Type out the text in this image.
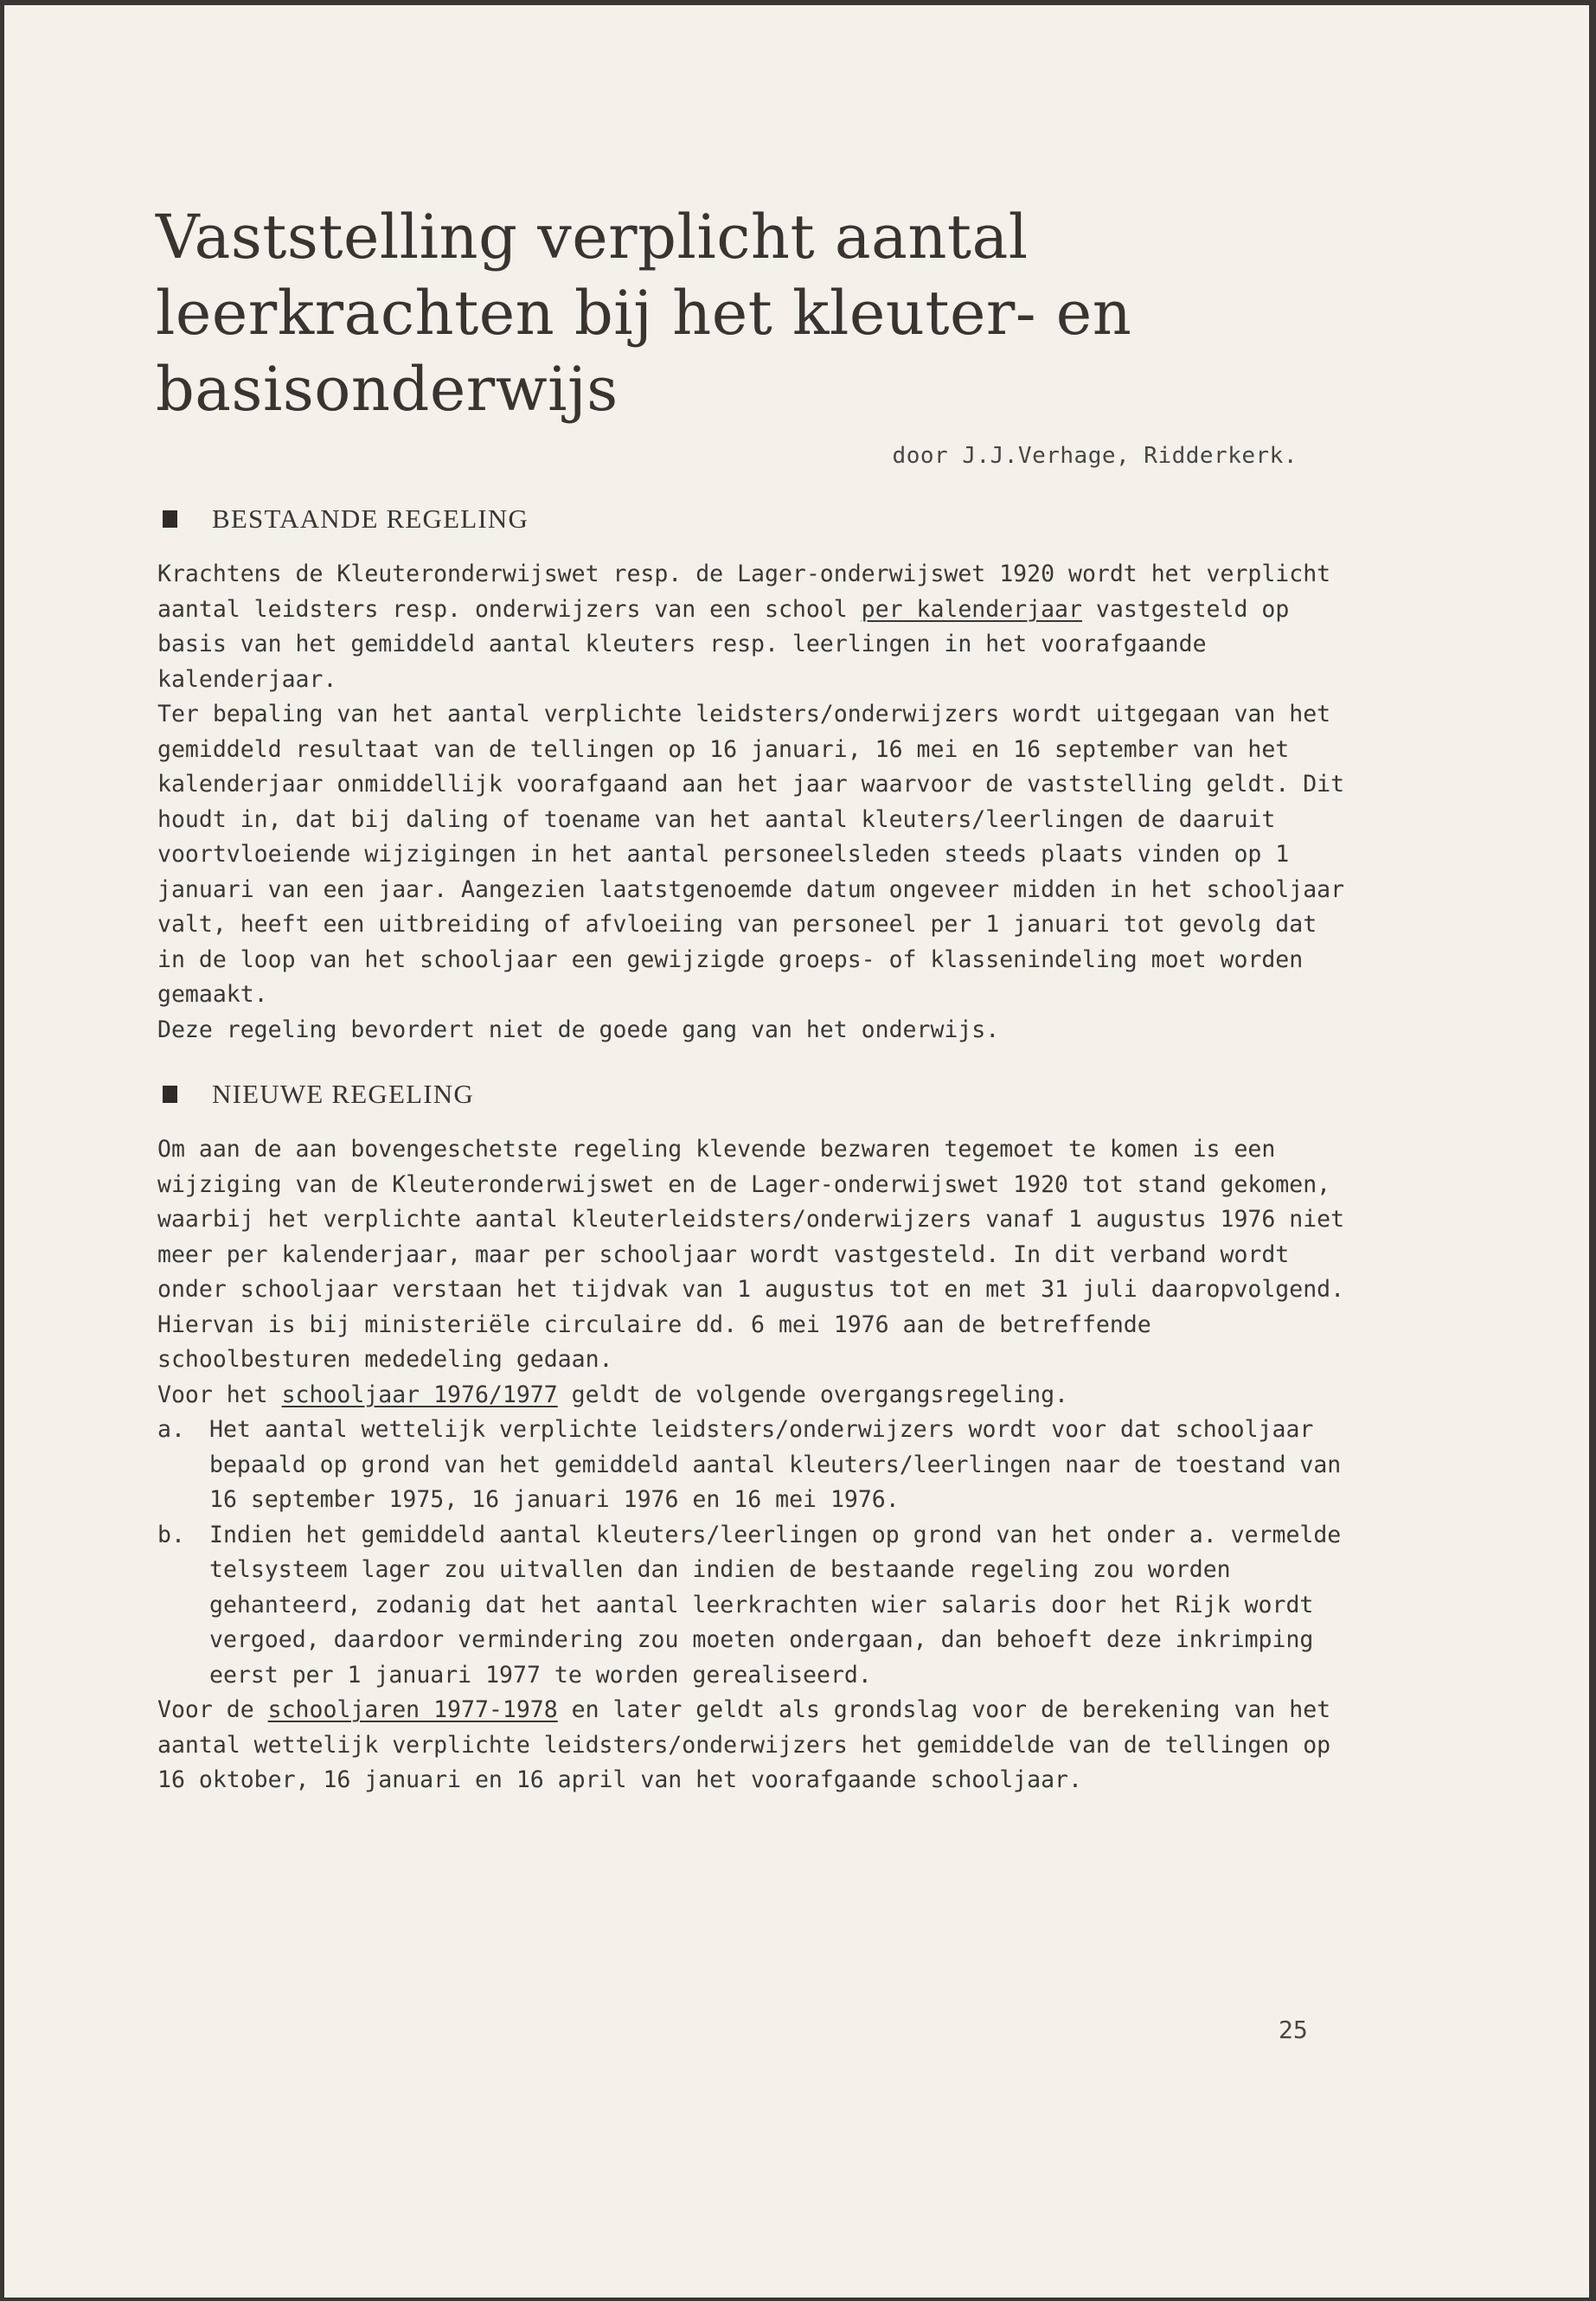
Vaststelling verplicht aantal leerkrachten bij het kleuter- en basisonderwijs
door J.J.Verhage, Ridderkerk.
BESTAANDE REGELING

Krachtens de Kleuteronderwijswet resp. de Lager-onderwijswet 1920 wordt het verplicht aantal leidsters resp. onderwijzers van een school per kalenderjaar vastgesteld op basis van het gemiddeld aantal kleuters resp. leerlingen in het voorafgaande kalenderjaar.

Ter bepaling van het aantal verplichte leidsters/onderwijzers wordt uitgegaan van het gemiddeld resultaat van de tellingen op 16 januari, 16 mei en 16 september van het kalenderjaar onmiddellijk voorafgaand aan het jaar waarvoor de vaststelling geldt. Dit houdt in, dat bij daling of toename van het aantal kleuters/leerlingen de daaruit voortvloeiende wijzigingen in het aantal personeelsleden steeds plaats vinden op 1 januari van een jaar. Aangezien laatstgenoemde datum ongeveer midden in het schooljaar valt, heeft een uitbreiding of afvloeiing van personeel per 1 januari tot gevolg dat in de loop van het schooljaar een gewijzigde groeps- of klassenindeling moet worden gemaakt.

Deze regeling bevordert niet de goede gang van het onderwijs.

NIEUWE REGELING

Om aan de aan bovengeschetste regeling klevende bezwaren tegemoet te komen is een wijziging van de Kleuteronderwijswet en de Lager-onderwijswet 1920 tot stand gekomen, waarbij het verplichte aantal kleuterleidsters/onderwijzers vanaf 1 augustus 1976 niet meer per kalenderjaar, maar per schooljaar wordt vastgesteld. In dit verband wordt onder schooljaar verstaan het tijdvak van 1 augustus tot en met 31 juli daaropvolgend. Hiervan is bij ministeriële circulaire dd. 6 mei 1976 aan de betreffende schoolbesturen mededeling gedaan.

Voor het schooljaar 1976/1977 geldt de volgende overgangsregeling.

a.	Het aantal wettelijk verplichte leidsters/onderwijzers wordt voor dat schooljaar bepaald op grond van het gemiddeld aantal kleuters/leerlingen naar de toestand van 16 september 1975, 16 januari 1976 en 16 mei 1976.
b.	Indien het gemiddeld aantal kleuters/leerlingen op grond van het onder a. vermelde telsysteem lager zou uitvallen dan indien de bestaande regeling zou worden gehanteerd, zodanig dat het aantal leerkrachten wier salaris door het Rijk wordt vergoed, daardoor vermindering zou moeten ondergaan, dan behoeft deze inkrimping eerst per 1 januari 1977 te worden gerealiseerd.

Voor de schooljaren 1977-1978 en later geldt als grondslag voor de berekening van het aantal wettelijk verplichte leidsters/onderwijzers het gemiddelde van de tellingen op 16 oktober, 16 januari en 16 april van het voorafgaande schooljaar.

25
